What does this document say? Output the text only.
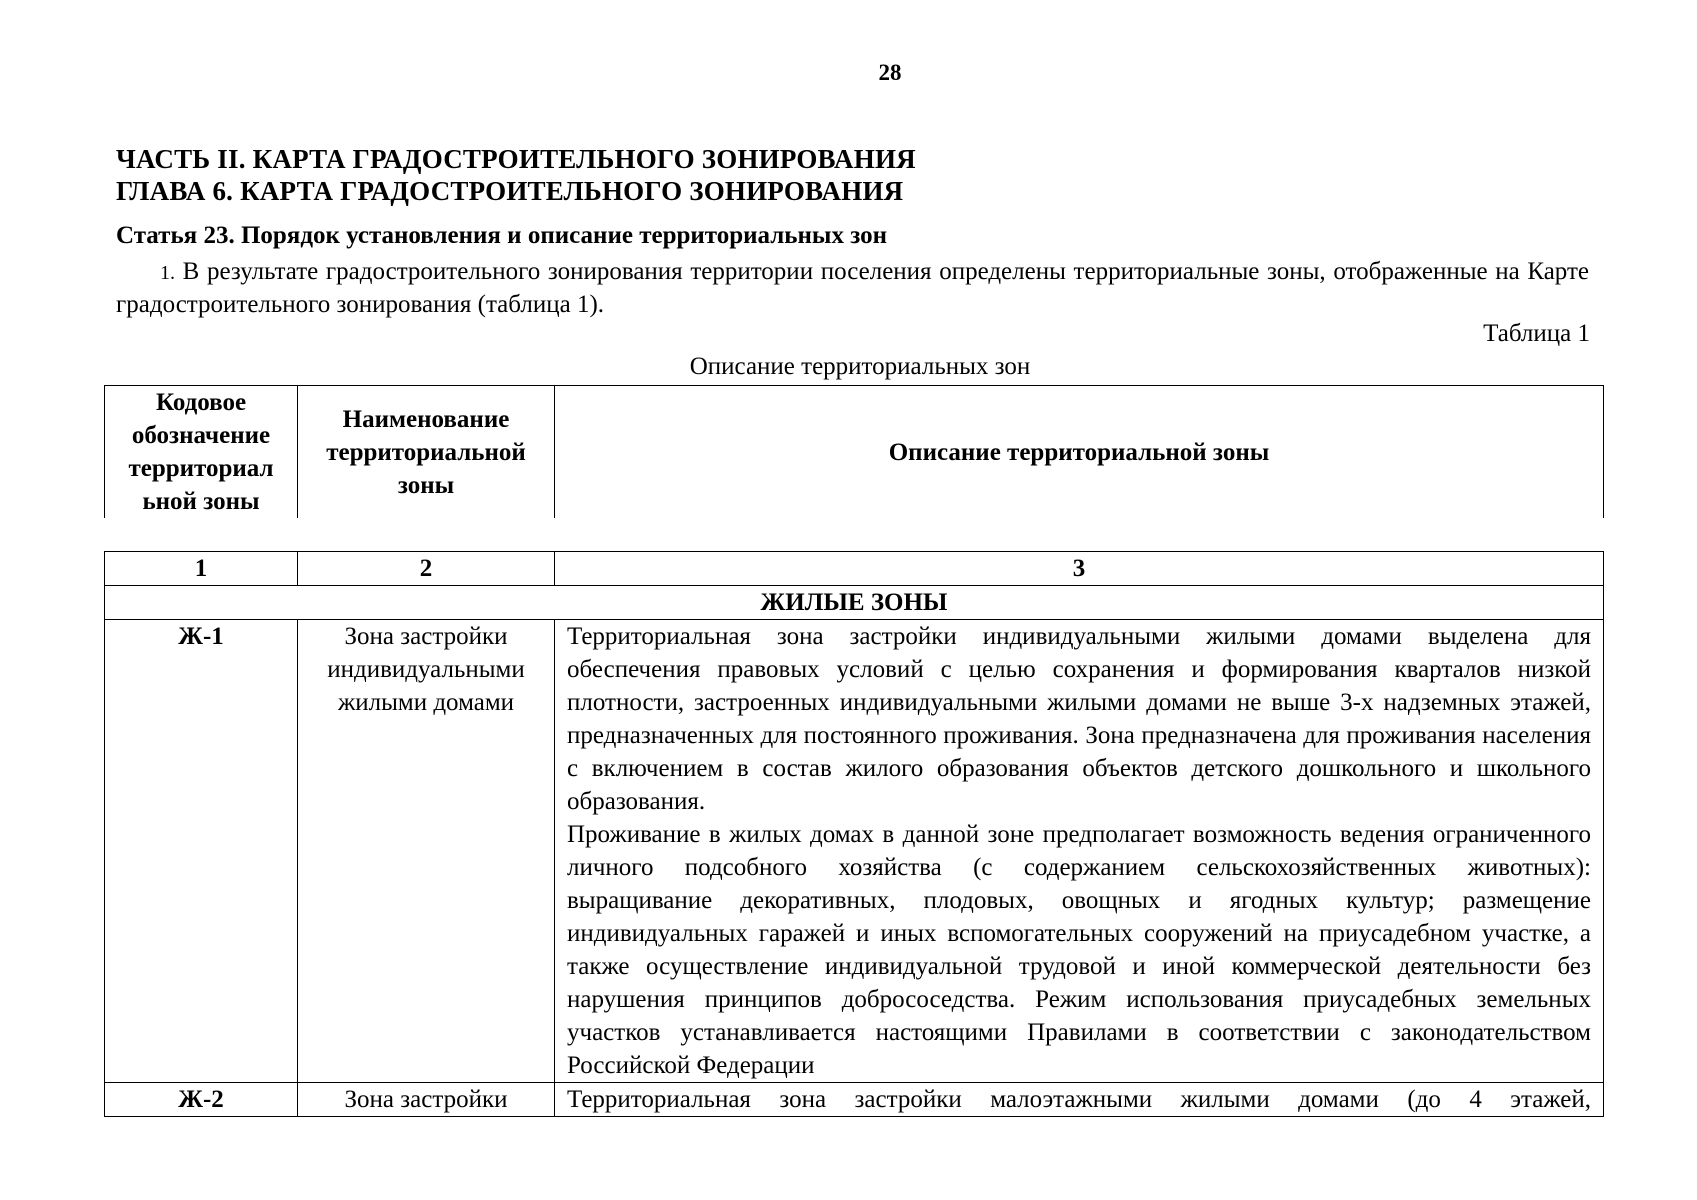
28
ЧАСТЬ II. КАРТА ГРАДОСТРОИТЕЛЬНОГО ЗОНИРОВАНИЯ
ГЛАВА 6. КАРТА ГРАДОСТРОИТЕЛЬНОГО ЗОНИРОВАНИЯ
Статья 23. Порядок установления и описание территориальных зон
1. В результате градостроительного зонирования территории поселения определены территориальные зоны, отображенные на Карте градостроительного зонирования (таблица 1).
Таблица 1
Описание территориальных зон
Кодовое обозначение территориал ьной зоны	Наименование территориальной зоны	Описание территориальной зоны
1	2	3
ЖИЛЫЕ ЗОНЫ		
Ж-1	Зона застройки индивидуальными жилыми домами	Территориальная зона застройки индивидуальными жилыми домами выделена для обеспечения правовых условий с целью сохранения и формирования кварталов низкой плотности, застроенных индивидуальными жилыми домами не выше 3-х надземных этажей, предназначенных для постоянного проживания. Зона предназначена для проживания населения с включением в состав жилого образования объектов детского дошкольного и школьного образования.

Проживание в жилых домах в данной зоне предполагает возможность ведения ограниченного личного подсобного хозяйства (с содержанием сельскохозяйственных животных): выращивание декоративных, плодовых, овощных и ягодных культур; размещение индивидуальных гаражей и иных вспомогательных сооружений на приусадебном участке, а также осуществление индивидуальной трудовой и иной коммерческой деятельности без нарушения принципов добрососедства. Режим использования приусадебных земельных участков устанавливается настоящими Правилами в соответствии с законодательством Российской Федерации

Ж-2	Зона застройки	Территориальная зона застройки малоэтажными жилыми домами (до 4 этажей,
